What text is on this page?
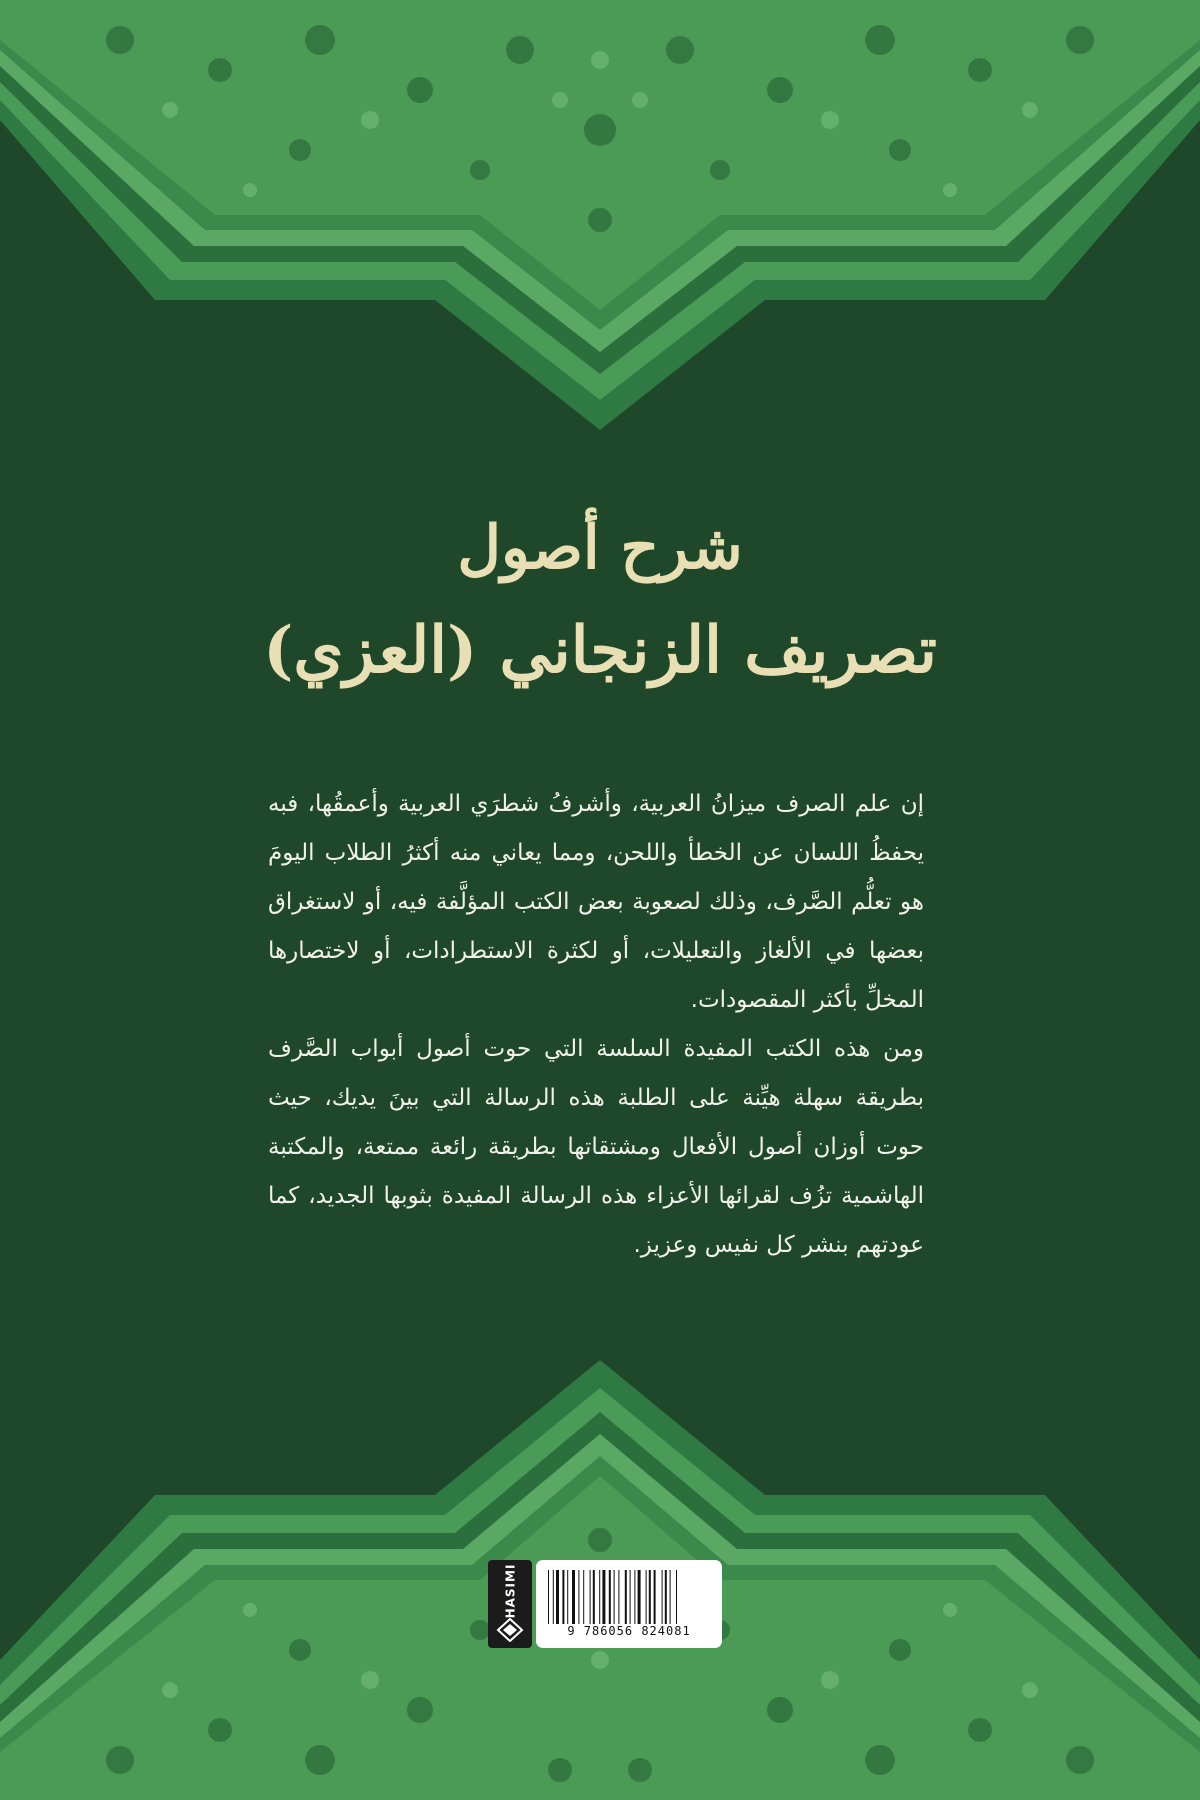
شرح أصول
تصريف الزنجاني (العزي)

إن علم الصرف ميزانُ العربية، وأشرفُ شطرَي العربية وأعمقُها، فبه يحفظُ اللسان عن الخطأ واللحن، ومما يعاني منه أكثرُ الطلاب اليومَ هو تعلُّم الصَّرف، وذلك لصعوبة بعض الكتب المؤلَّفة فيه، أو لاستغراق بعضها في الألغاز والتعليلات، أو لكثرة الاستطرادات، أو لاختصارها المخلِّ بأكثر المقصودات.

ومن هذه الكتب المفيدة السلسة التي حوت أصول أبواب الصَّرف بطريقة سهلة هيِّنة على الطلبة هذه الرسالة التي بينَ يديك، حيث حوت أوزان أصول الأفعال ومشتقاتها بطريقة رائعة ممتعة، والمكتبة الهاشمية تزُف لقرائها الأعزاء هذه الرسالة المفيدة بثوبها الجديد، كما عودتهم بنشر كل نفيس وعزيز.

HASIMI
9 786056 824081
